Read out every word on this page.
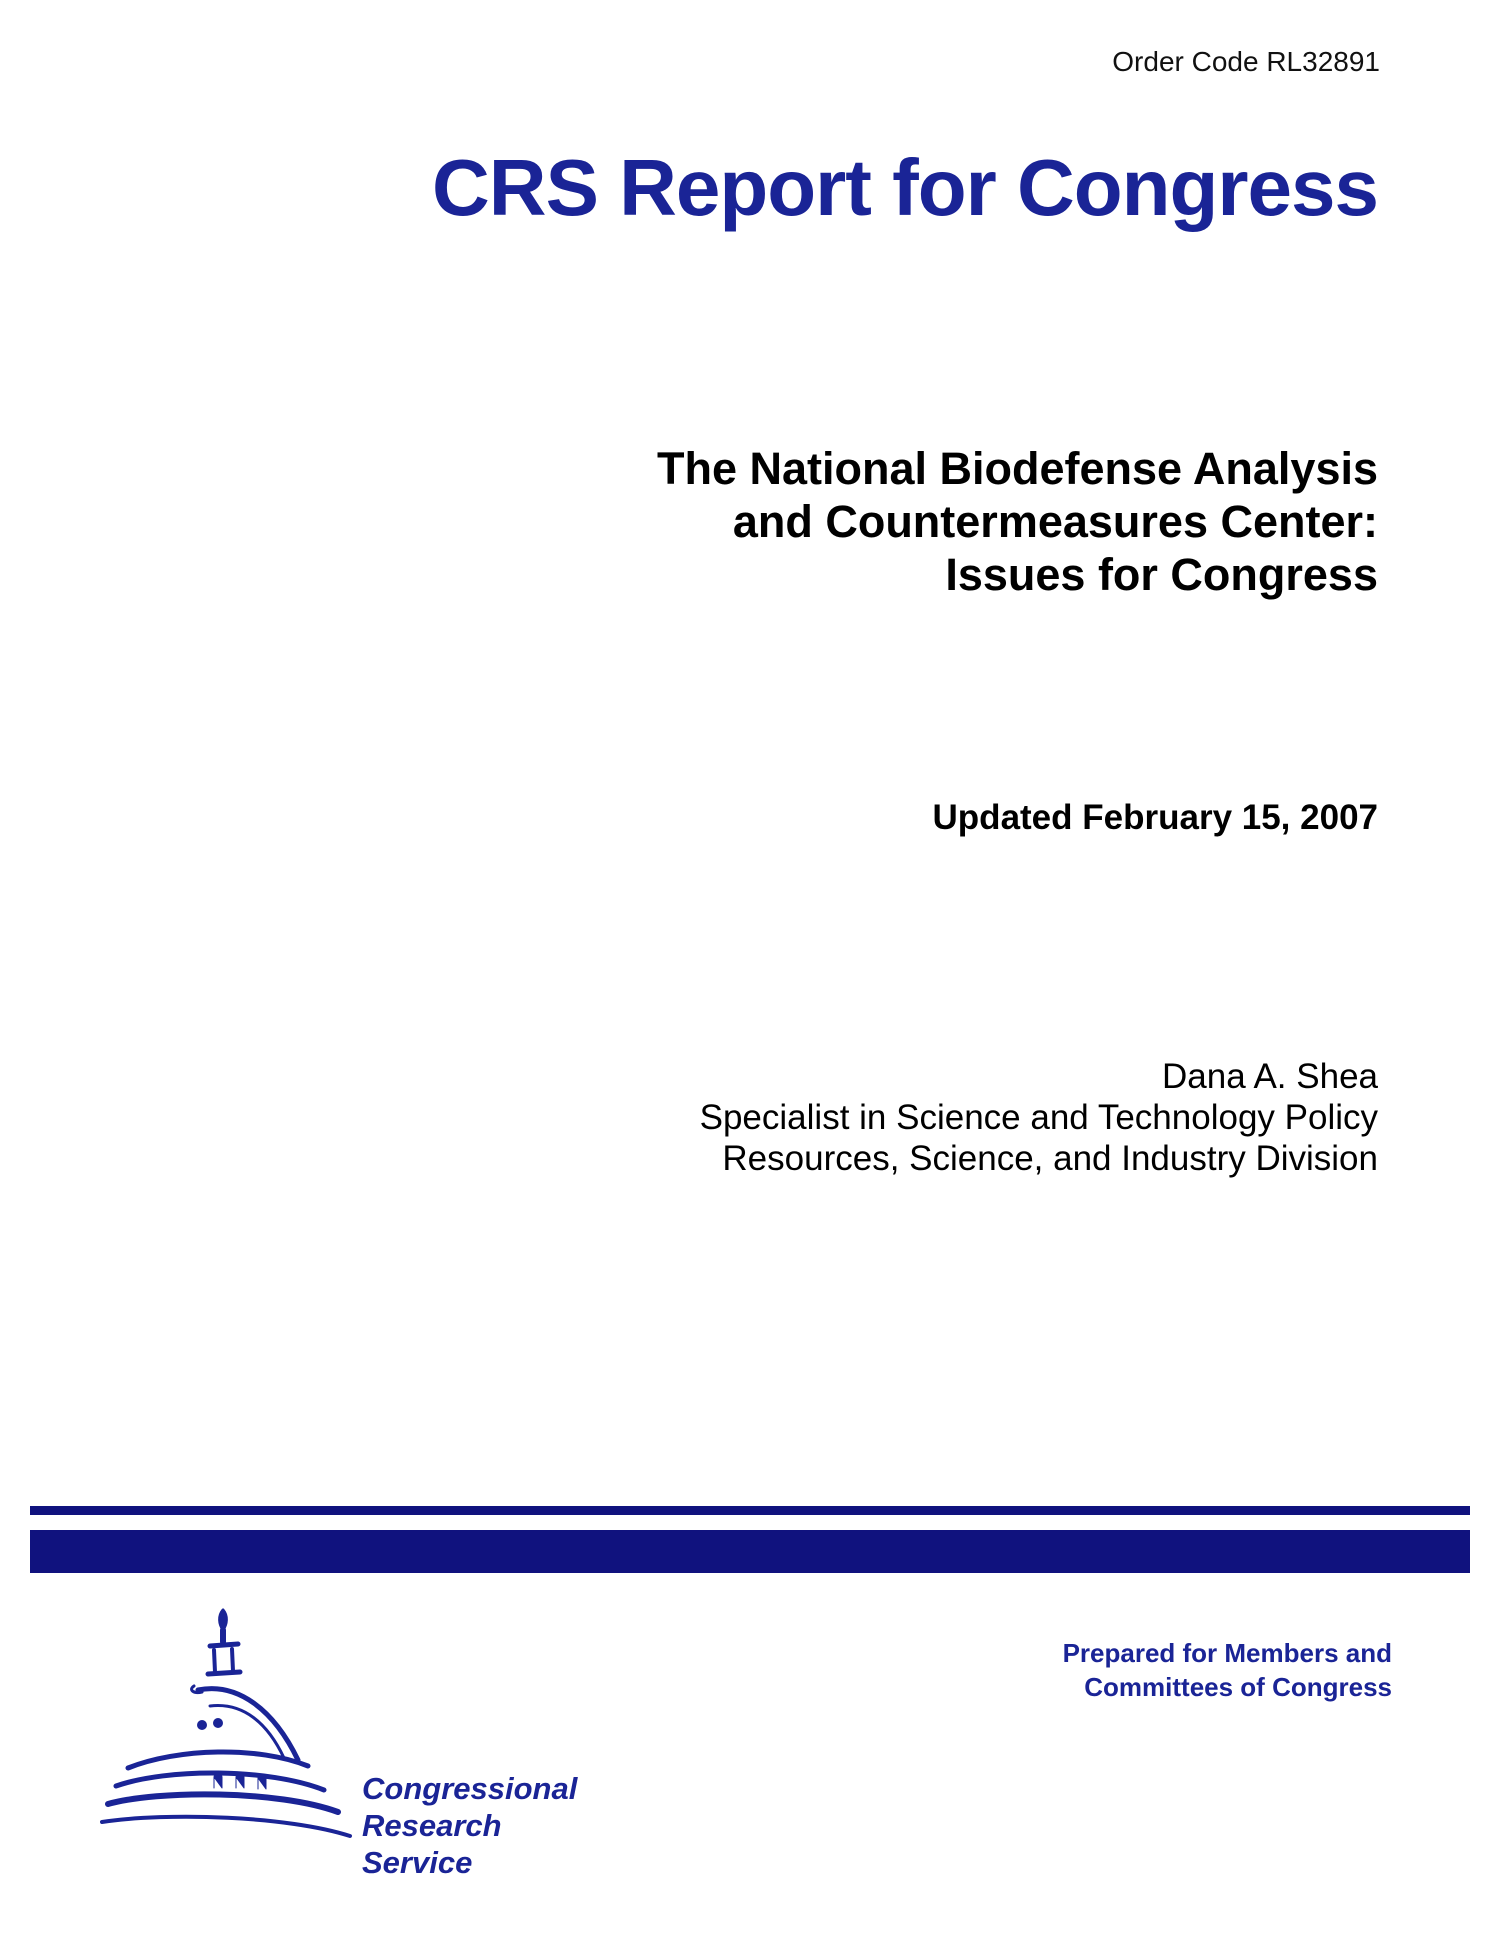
Order Code RL32891
CRS Report for Congress
The National Biodefense Analysis
and Countermeasures Center:
Issues for Congress
Updated February 15, 2007
Dana A. Shea
Specialist in Science and Technology Policy
Resources, Science, and Industry Division
Prepared for Members and
Committees of Congress
Congressional
Research
Service
